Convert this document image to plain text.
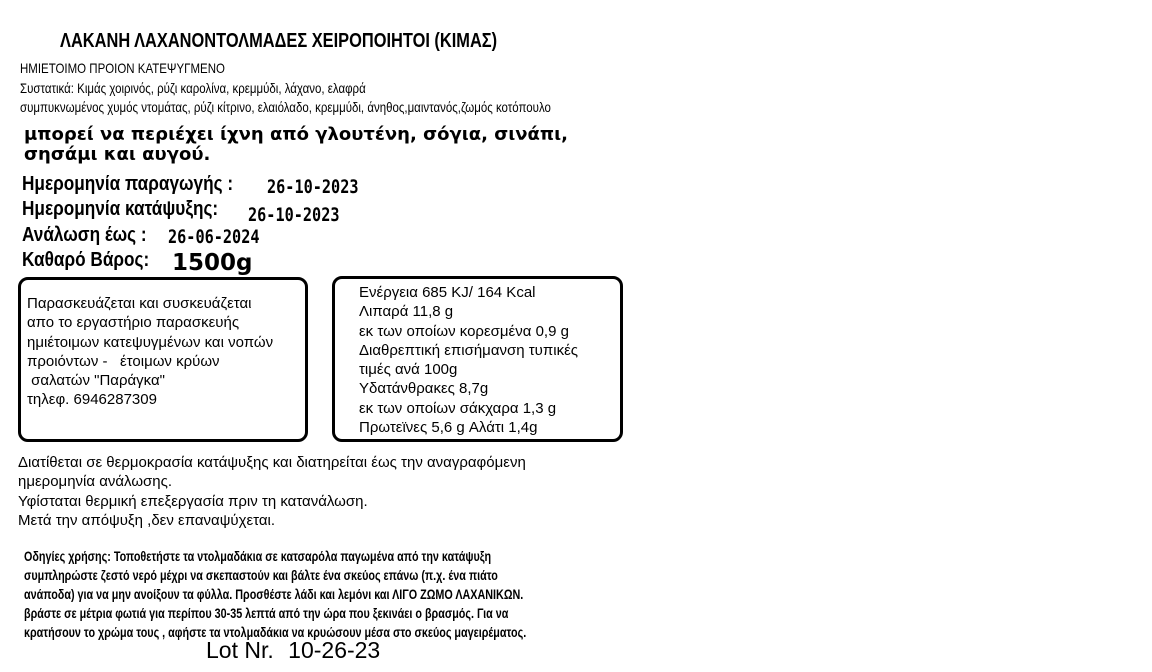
ΛΑΚΑΝΗ ΛΑΧΑΝΟΝΤΟΛΜΑΔΕΣ ΧΕΙΡΟΠΟΙΗΤΟΙ (ΚΙΜΑΣ)
ΗΜΙΕΤΟΙΜΟ ΠΡΟΙΟΝ ΚΑΤΕΨΥΓΜΕΝΟ
Συστατικά: Κιμάς χοιρινός, ρύζι καρολίνα, κρεμμύδι, λάχανο, ελαφρά
συμπυκνωμένος χυμός ντομάτας, ρύζι κίτρινο, ελαιόλαδο, κρεμμύδι, άνηθος,μαιντανός,ζωμός κοτόπουλο
μπορεί να περιέχει ίχνη από γλουτένη, σόγια, σινάπι,
σησάμι και αυγού.
Ημερομηνία παραγωγής : 26-10-2023
Ημερομηνία κατάψυξης: 26-10-2023
Ανάλωση έως : 26-06-2024
Καθαρό Βάρος: 1500g
Παρασκευάζεται και συσκευάζεται
απο το εργαστήριο παρασκευής
ημιέτοιμων κατεψυγμένων και νοπών
προιόντων -   έτοιμων κρύων
σαλατών "Παράγκα"
τηλεφ. 6946287309
Ενέργεια 685 KJ/ 164 Kcal
Λιπαρά 11,8 g
εκ των οποίων κορεσμένα 0,9 g
Διαθρεπτική επισήμανση τυπικές
τιμές ανά 100g
Υδατάνθρακες 8,7g
εκ των οποίων σάκχαρα 1,3 g
Πρωτεϊνες 5,6 g Αλάτι 1,4g
Διατίθεται σε θερμοκρασία κατάψυξης και διατηρείται έως την αναγραφόμενη
ημερομηνία ανάλωσης.
Υφίσταται θερμική επεξεργασία πριν τη κατανάλωση.
Μετά την απόψυξη ,δεν επαναψύχεται.
Οδηγίες χρήσης: Τοποθετήστε τα ντολμαδάκια σε κατσαρόλα παγωμένα από την κατάψυξη
συμπληρώστε ζεστό νερό μέχρι να σκεπαστούν και βάλτε ένα σκεύος επάνω (π.χ. ένα πιάτο
ανάποδα) για να μην ανοίξουν τα φύλλα. Προσθέστε λάδι και λεμόνι και ΛΙΓΟ ΖΩΜΟ ΛΑΧΑΝΙΚΩΝ.
βράστε σε μέτρια φωτιά για περίπου 30-35 λεπτά από την ώρα που ξεκινάει ο βρασμός. Για να
κρατήσουν το χρώμα τους , αφήστε τα ντολμαδάκια να κρυώσουν μέσα στο σκεύος μαγειρέματος.
Lot Nr. 10-26-23
